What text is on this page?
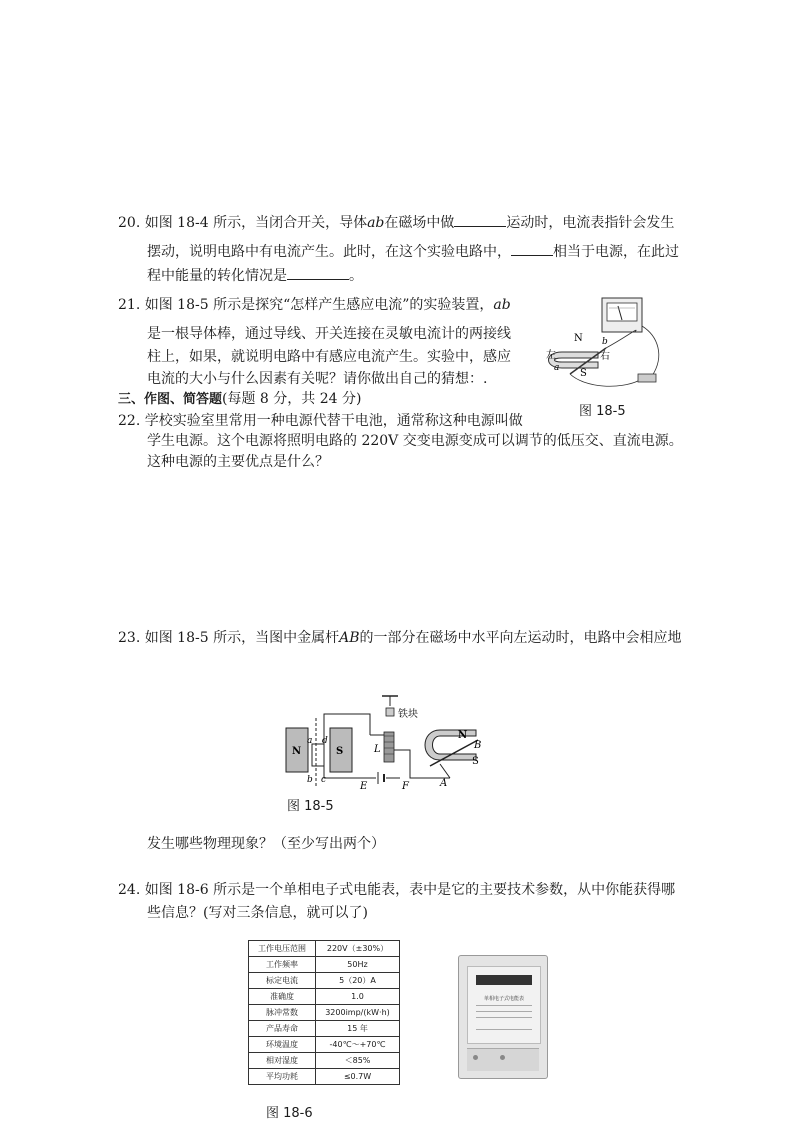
20. 如图 18-4 所示，当闭合开关，导体ab在磁场中做	运动时，电流表指针会发生
摆动，说明电路中有电流产生。此时，在这个实验电路中，	相当于电源，在此过
程中能量的转化情况是	。
21. 如图 18-5 所示是探究“怎样产生感应电流”的实验装置，ab
是一根导体棒，通过导线、开关连接在灵敏电流计的两接线
柱上，如果，就说明电路中有感应电流产生。实验中，感应
电流的大小与什么因素有关呢？请你做出自己的猜想：.
N
S
左	右
a
b
图 18-5
三、作图、简答题(每题 8 分，共 24 分)
22. 学校实验室里常用一种电源代替干电池，通常称这种电源叫做
学生电源。这个电源将照明电路的 220V 交变电源变成可以调节的低压交、直流电源。
这种电源的主要优点是什么？
23. 如图 18-5 所示，当图中金属杆AB的一部分在磁场中水平向左运动时，电路中会相应地
N	S
a d
b c
铁块
L
E	F
N
S
B
A
图 18-5
发生哪些物理现象？（至少写出两个）
24. 如图 18-6 所示是一个单相电子式电能表，表中是它的主要技术参数，从中你能获得哪
些信息？(写对三条信息，就可以了)
工作电压范围	220V（±30%）
工作频率	50Hz
标定电流	5（20）A
准确度	1.0
脉冲常数	3200imp/(kW·h)
产品寿命	15 年
环境温度	-40℃～+70℃
相对湿度	＜85%
平均功耗	≤0.7W
单相电子式电能表
图 18-6
